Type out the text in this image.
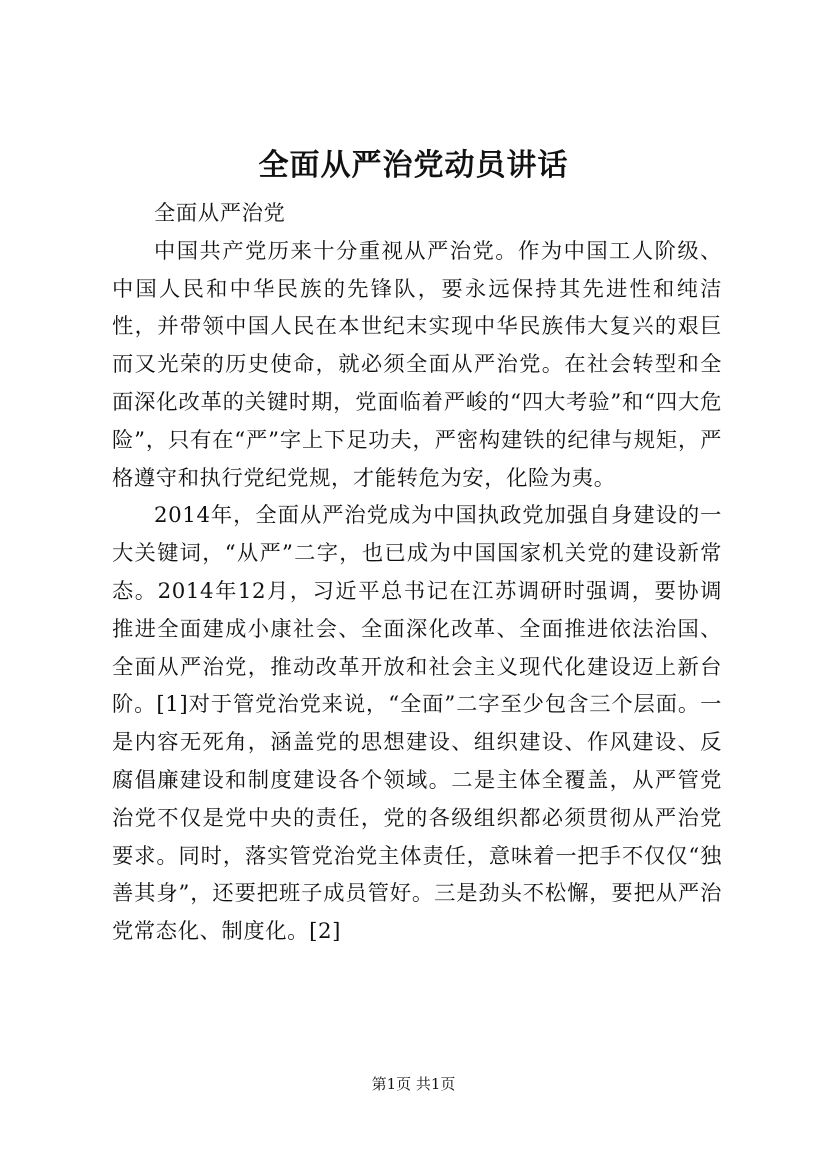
全面从严治党动员讲话

全面从严治党

中国共产党历来十分重视从严治党。作为中国工人阶级、中国人民和中华民族的先锋队，要永远保持其先进性和纯洁性，并带领中国人民在本世纪末实现中华民族伟大复兴的艰巨而又光荣的历史使命，就必须全面从严治党。在社会转型和全面深化改革的关键时期，党面临着严峻的“四大考验”和“四大危险”，只有在“严”字上下足功夫，严密构建铁的纪律与规矩，严格遵守和执行党纪党规，才能转危为安，化险为夷。

2014年，全面从严治党成为中国执政党加强自身建设的一大关键词，“从严”二字，也已成为中国国家机关党的建设新常态。2014年12月，习近平总书记在江苏调研时强调，要协调推进全面建成小康社会、全面深化改革、全面推进依法治国、全面从严治党，推动改革开放和社会主义现代化建设迈上新台阶。[1]对于管党治党来说，“全面”二字至少包含三个层面。一是内容无死角，涵盖党的思想建设、组织建设、作风建设、反腐倡廉建设和制度建设各个领域。二是主体全覆盖，从严管党治党不仅是党中央的责任，党的各级组织都必须贯彻从严治党要求。同时，落实管党治党主体责任，意味着一把手不仅仅“独善其身”，还要把班子成员管好。三是劲头不松懈，要把从严治党常态化、制度化。[2]

第1页 共1页
